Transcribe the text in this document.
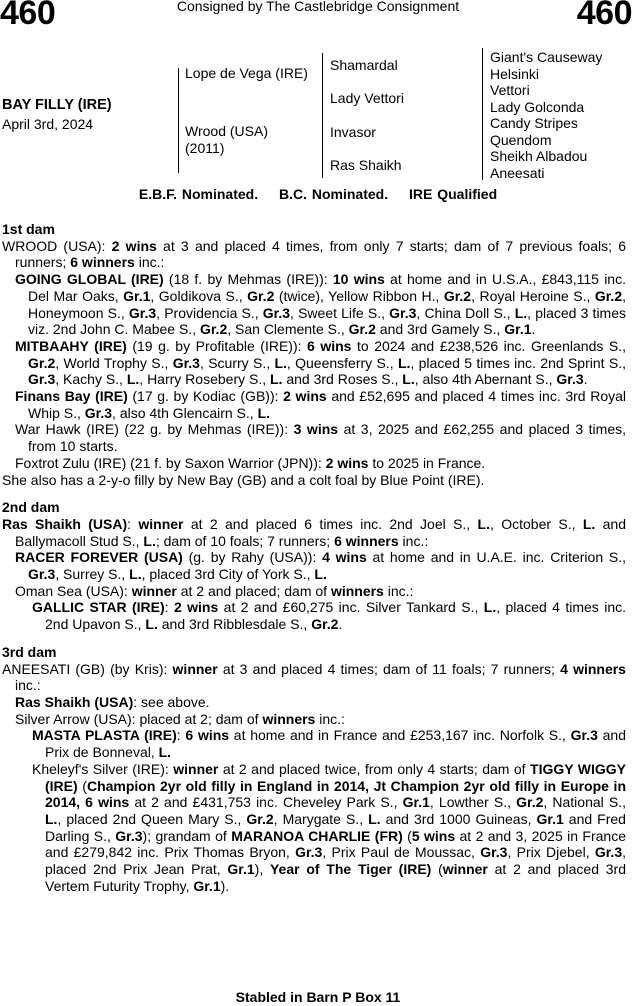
460	Consigned by The Castlebridge Consignment	460
BAY FILLY (IRE)
April 3rd, 2024
Lope de Vega (IRE)
Wrood (USA) (2011)
Shamardal
Lady Vettori
Invasor
Ras Shaikh
Giant's Causeway
Helsinki
Vettori
Lady Golconda
Candy Stripes
Quendom
Sheikh Albadou
Aneesati
E.B.F. Nominated. B.C. Nominated. IRE Qualified
1st dam

WROOD (USA): 2 wins at 3 and placed 4 times, from only 7 starts; dam of 7 previous foals; 6 runners; 6 winners inc.:

GOING GLOBAL (IRE) (18 f. by Mehmas (IRE)): 10 wins at home and in U.S.A., £843,115 inc. Del Mar Oaks, Gr.1, Goldikova S., Gr.2 (twice), Yellow Ribbon H., Gr.2, Royal Heroine S., Gr.2, Honeymoon S., Gr.3, Providencia S., Gr.3, Sweet Life S., Gr.3, China Doll S., L., placed 3 times viz. 2nd John C. Mabee S., Gr.2, San Clemente S., Gr.2 and 3rd Gamely S., Gr.1.

MITBAAHY (IRE) (19 g. by Profitable (IRE)): 6 wins to 2024 and £238,526 inc. Greenlands S., Gr.2, World Trophy S., Gr.3, Scurry S., L., Queensferry S., L., placed 5 times inc. 2nd Sprint S., Gr.3, Kachy S., L., Harry Rosebery S., L. and 3rd Roses S., L., also 4th Abernant S., Gr.3.

Finans Bay (IRE) (17 g. by Kodiac (GB)): 2 wins and £52,695 and placed 4 times inc. 3rd Royal Whip S., Gr.3, also 4th Glencairn S., L.

War Hawk (IRE) (22 g. by Mehmas (IRE)): 3 wins at 3, 2025 and £62,255 and placed 3 times, from 10 starts.

Foxtrot Zulu (IRE) (21 f. by Saxon Warrior (JPN)): 2 wins to 2025 in France.

She also has a 2-y-o filly by New Bay (GB) and a colt foal by Blue Point (IRE).

2nd dam

Ras Shaikh (USA): winner at 2 and placed 6 times inc. 2nd Joel S., L., October S., L. and Ballymacoll Stud S., L.; dam of 10 foals; 7 runners; 6 winners inc.:

RACER FOREVER (USA) (g. by Rahy (USA)): 4 wins at home and in U.A.E. inc. Criterion S., Gr.3, Surrey S., L., placed 3rd City of York S., L.

Oman Sea (USA): winner at 2 and placed; dam of winners inc.:

GALLIC STAR (IRE): 2 wins at 2 and £60,275 inc. Silver Tankard S., L., placed 4 times inc. 2nd Upavon S., L. and 3rd Ribblesdale S., Gr.2.

3rd dam

ANEESATI (GB) (by Kris): winner at 3 and placed 4 times; dam of 11 foals; 7 runners; 4 winners inc.:

Ras Shaikh (USA): see above.

Silver Arrow (USA): placed at 2; dam of winners inc.:

MASTA PLASTA (IRE): 6 wins at home and in France and £253,167 inc. Norfolk S., Gr.3 and Prix de Bonneval, L.

Kheleyf's Silver (IRE): winner at 2 and placed twice, from only 4 starts; dam of TIGGY WIGGY (IRE) (Champion 2yr old filly in England in 2014, Jt Champion 2yr old filly in Europe in 2014, 6 wins at 2 and £431,753 inc. Cheveley Park S., Gr.1, Lowther S., Gr.2, National S., L., placed 2nd Queen Mary S., Gr.2, Marygate S., L. and 3rd 1000 Guineas, Gr.1 and Fred Darling S., Gr.3); grandam of MARANOA CHARLIE (FR) (5 wins at 2 and 3, 2025 in France and £279,842 inc. Prix Thomas Bryon, Gr.3, Prix Paul de Moussac, Gr.3, Prix Djebel, Gr.3, placed 2nd Prix Jean Prat, Gr.1), Year of The Tiger (IRE) (winner at 2 and placed 3rd Vertem Futurity Trophy, Gr.1).

Stabled in Barn P Box 11
